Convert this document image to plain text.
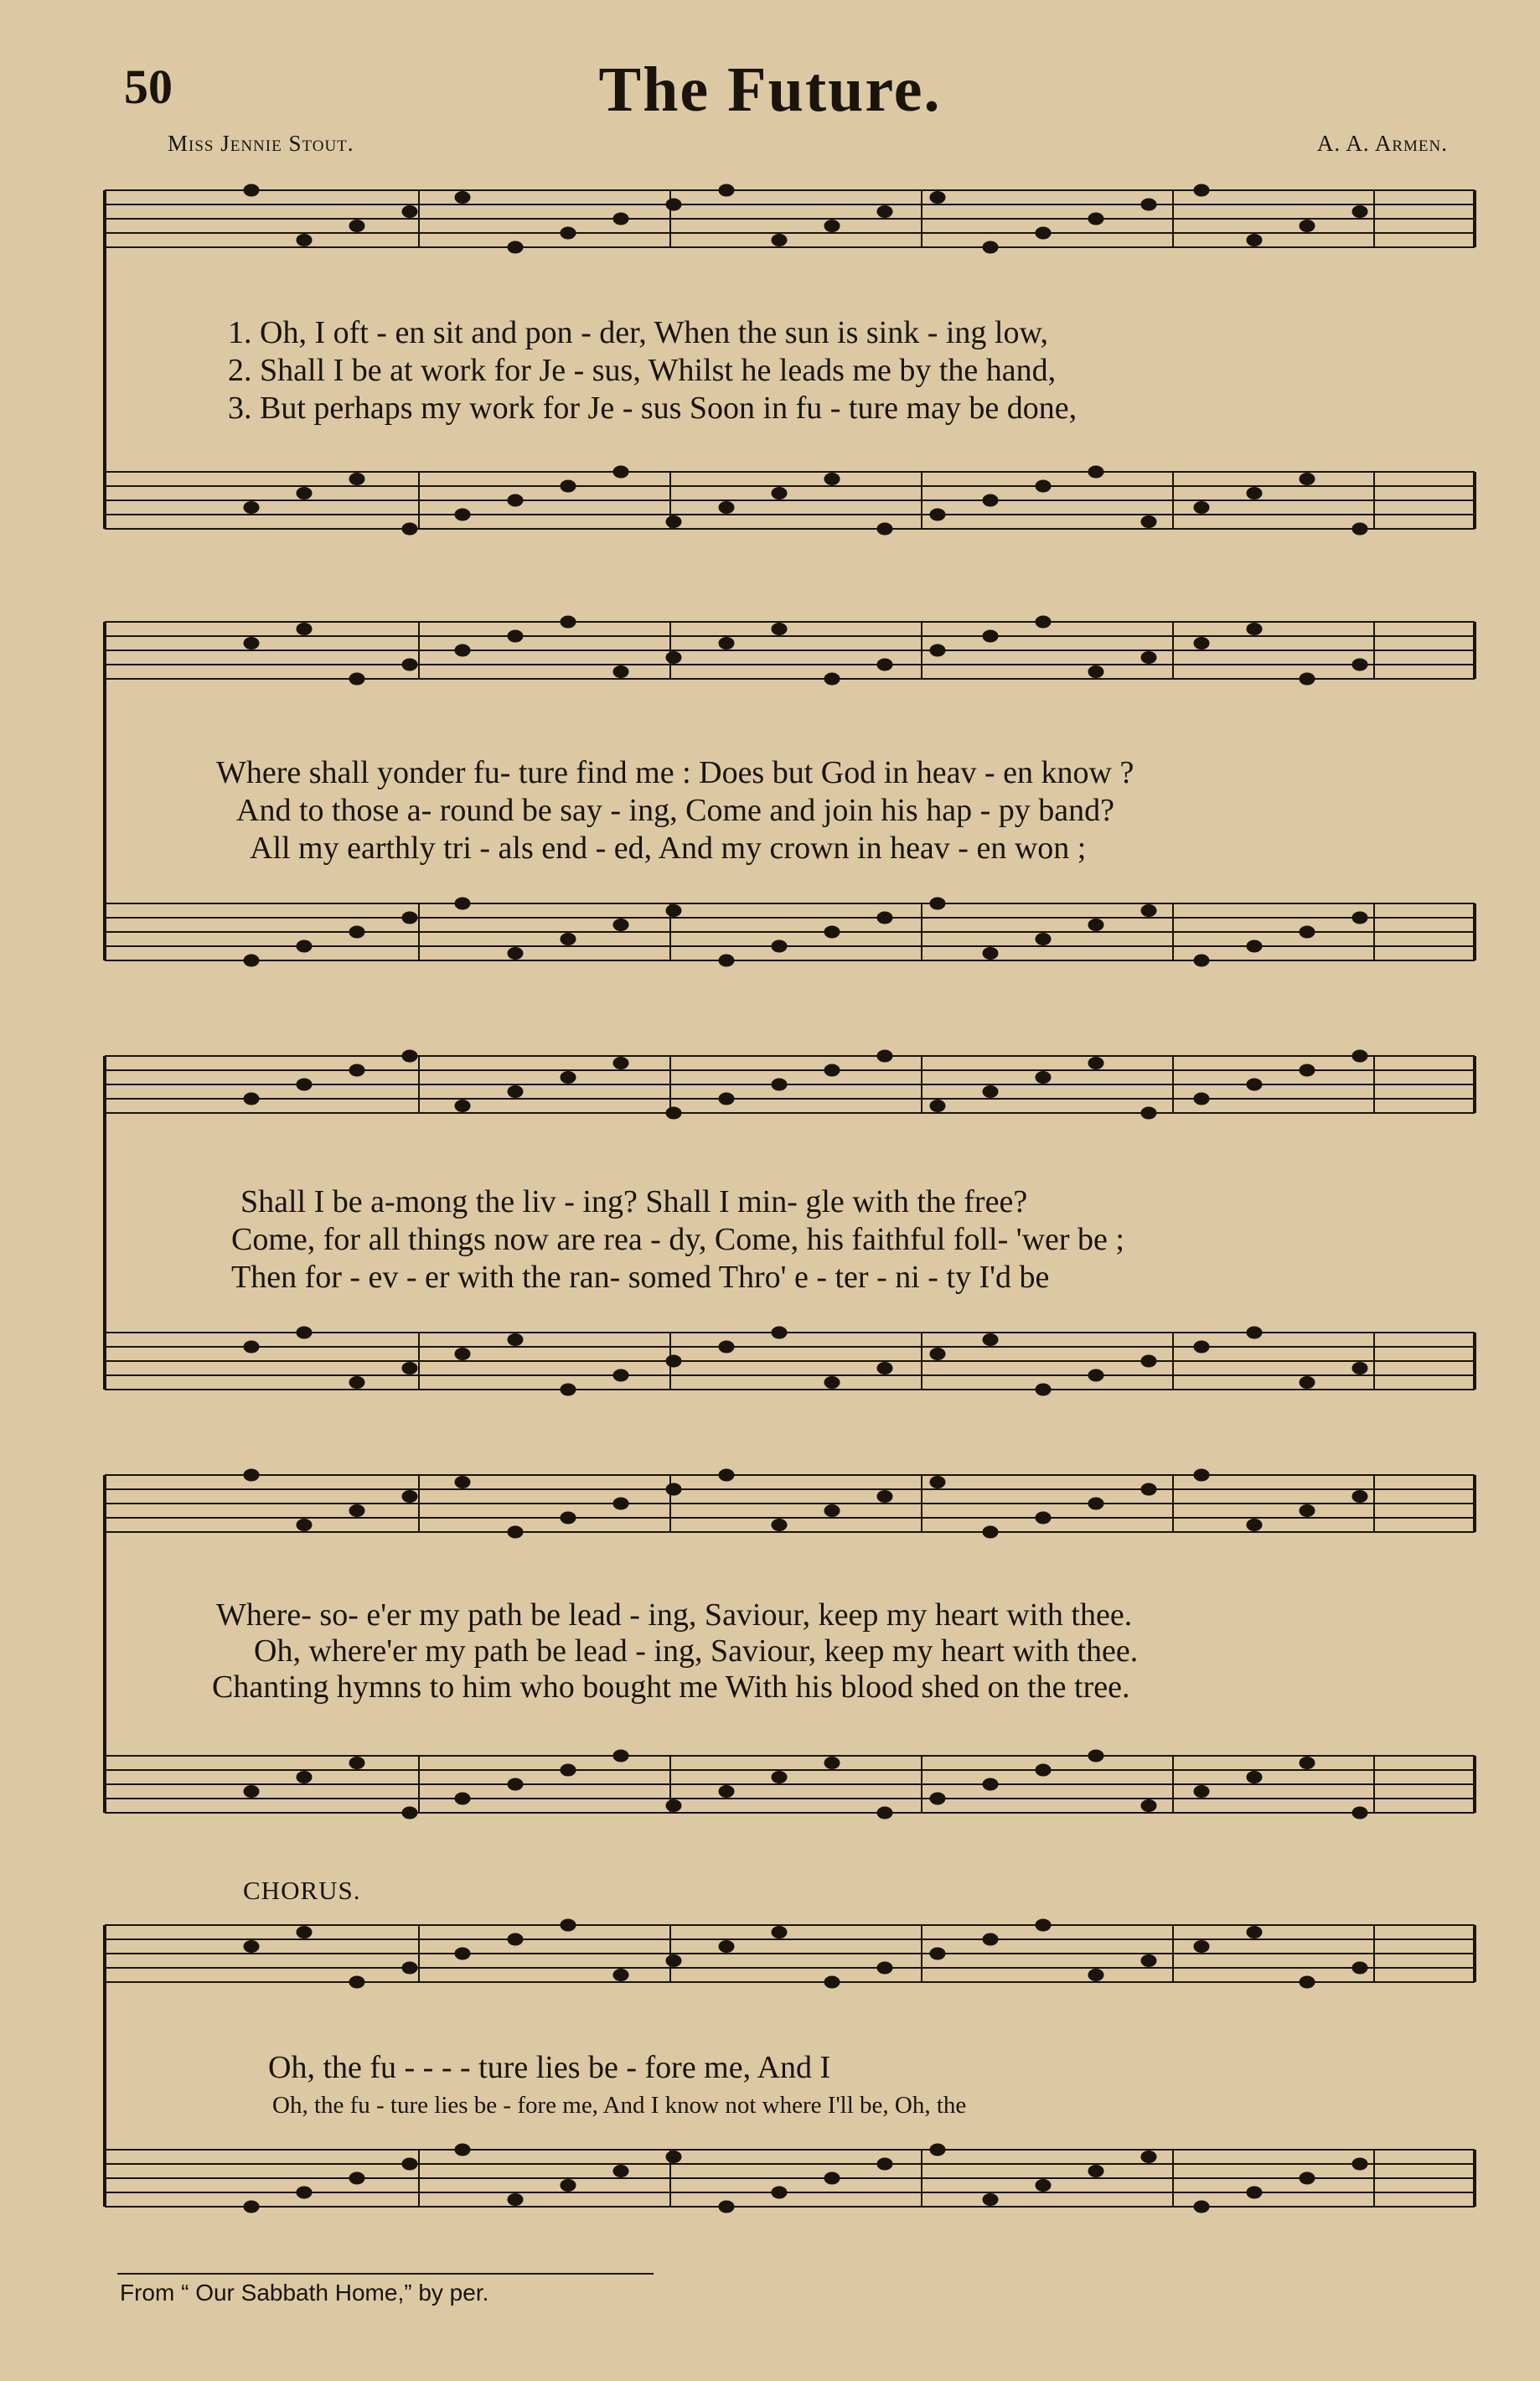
50	The Future.
Miss Jennie Stout.	A. A. Armen.
1. Oh, I oft - en sit and pon - der, When the sun is sink - ing low,
2. Shall I be at work for Je - sus, Whilst he leads me by the hand,
3. But perhaps my work for Je - sus Soon in fu - ture may be done,
Where shall yonder fu- ture find me : Does but God in heav - en know ?
And to those a- round be say - ing, Come and join his hap - py band?
All my earthly tri - als end - ed, And my crown in heav - en won ;
Shall I be a-mong the liv - ing? Shall I min- gle with the free?
Come, for all things now are rea - dy, Come, his faithful foll- 'wer be ;
Then for - ev - er with the ran- somed Thro' e - ter - ni - ty I'd be
Where- so- e'er my path be lead - ing, Saviour, keep my heart with thee.
Oh, where'er my path be lead - ing, Saviour, keep my heart with thee.
Chanting hymns to him who bought me With his blood shed on the tree.
CHORUS.
Oh, the fu - - - - ture lies be - fore me, And I
Oh, the fu - ture lies be - fore me, And I know not where I'll be, Oh, the
From “ Our Sabbath Home,” by per.
